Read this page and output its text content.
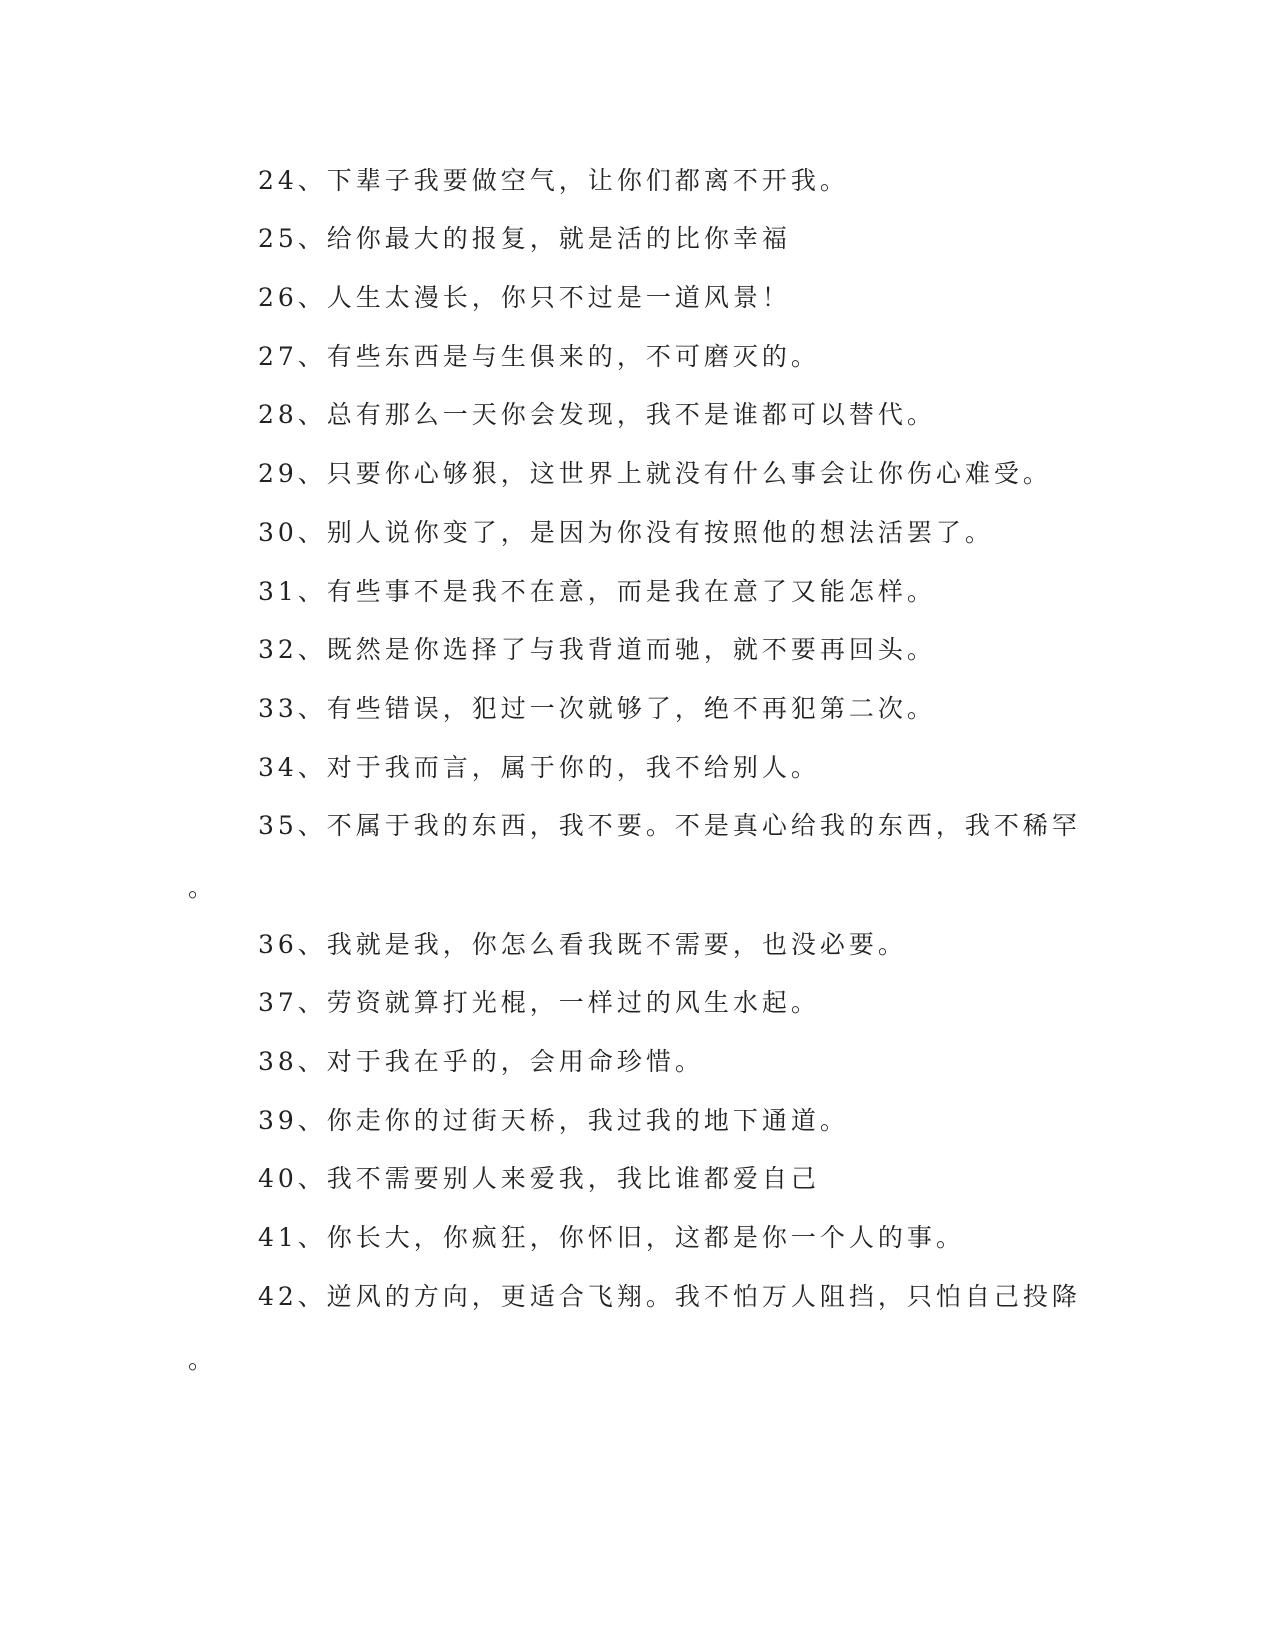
24、下辈子我要做空气，让你们都离不开我。
25、给你最大的报复，就是活的比你幸福
26、人生太漫长，你只不过是一道风景！
27、有些东西是与生俱来的，不可磨灭的。
28、总有那么一天你会发现，我不是谁都可以替代。
29、只要你心够狠，这世界上就没有什么事会让你伤心难受。
30、别人说你变了，是因为你没有按照他的想法活罢了。
31、有些事不是我不在意，而是我在意了又能怎样。
32、既然是你选择了与我背道而驰，就不要再回头。
33、有些错误，犯过一次就够了，绝不再犯第二次。
34、对于我而言，属于你的，我不给别人。
35、不属于我的东西，我不要。不是真心给我的东西，我不稀罕
。
36、我就是我，你怎么看我既不需要，也没必要。
37、劳资就算打光棍，一样过的风生水起。
38、对于我在乎的，会用命珍惜。
39、你走你的过街天桥，我过我的地下通道。
40、我不需要别人来爱我，我比谁都爱自己
41、你长大，你疯狂，你怀旧，这都是你一个人的事。
42、逆风的方向，更适合飞翔。我不怕万人阻挡，只怕自己投降
。
